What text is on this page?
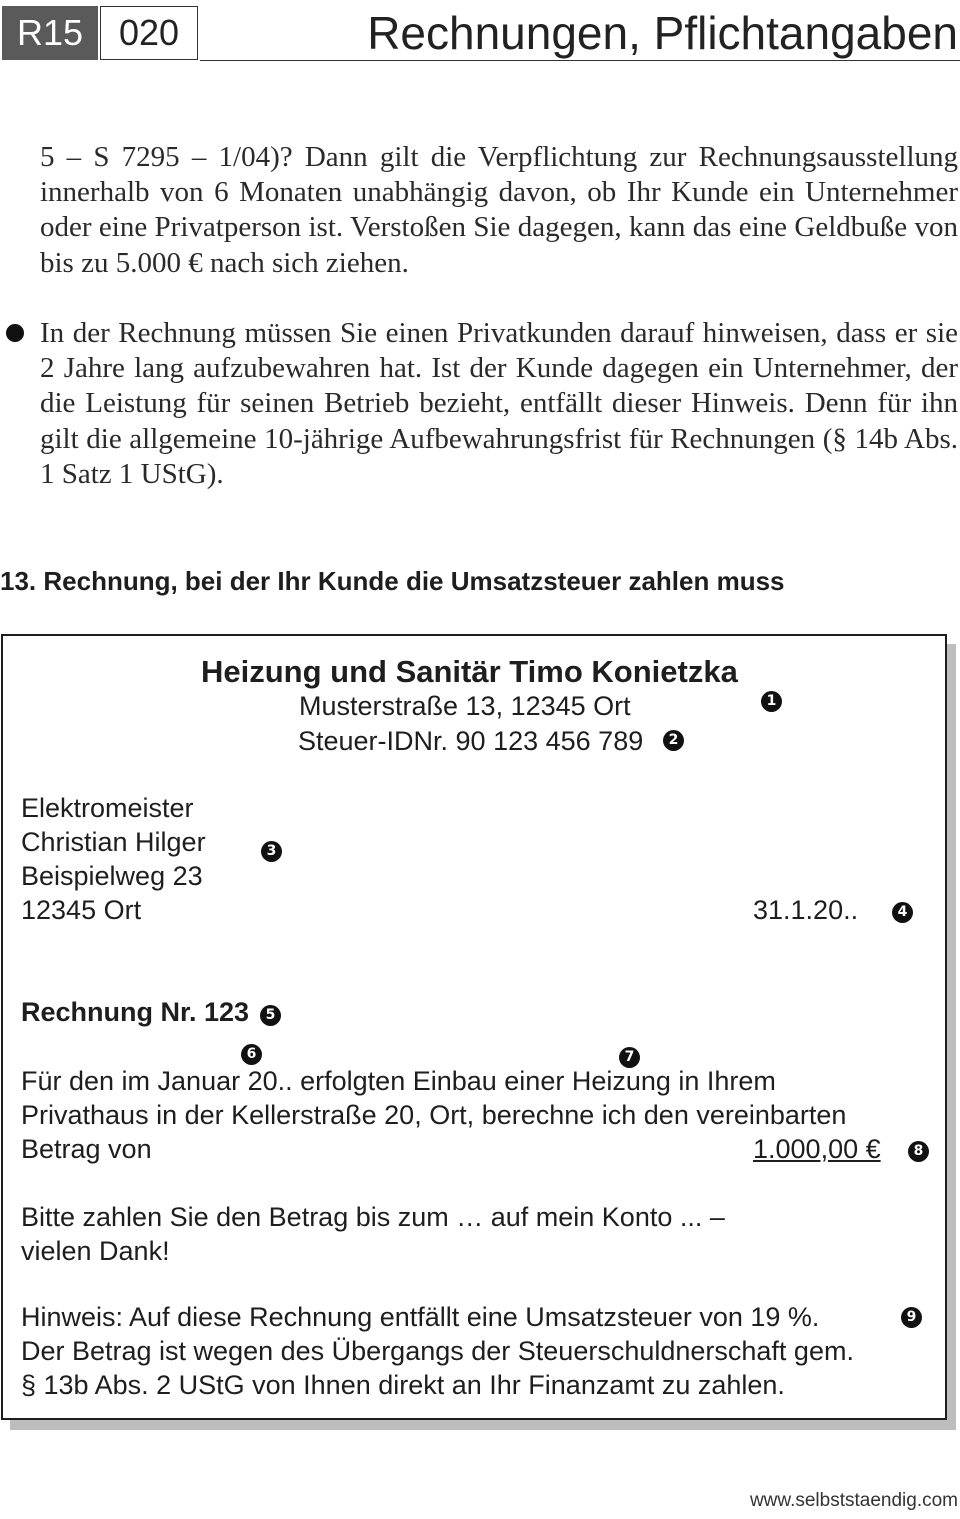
R15 020	Rechnungen, Pflichtangaben
5 – S 7295 – 1/04)? Dann gilt die Verpflichtung zur Rechnungsausstellung innerhalb von 6 Monaten unabhängig davon, ob Ihr Kunde ein Unternehmer oder eine Privatperson ist. Verstoßen Sie dagegen, kann das eine Geldbuße von bis zu 5.000 € nach sich ziehen.
In der Rechnung müssen Sie einen Privatkunden darauf hinweisen, dass er sie 2 Jahre lang aufzubewahren hat. Ist der Kunde dagegen ein Unternehmer, der die Leistung für seinen Betrieb bezieht, entfällt dieser Hinweis. Denn für ihn gilt die allgemeine 10-jährige Aufbewahrungsfrist für Rechnungen (§ 14b Abs. 1 Satz 1 UStG).
13. Rechnung, bei der Ihr Kunde die Umsatzsteuer zahlen muss
Heizung und Sanitär Timo Konietzka
Musterstraße 13, 12345 Ort	1
Steuer-IDNr. 90 123 456 789	2
Elektromeister
Christian Hilger	3
Beispielweg 23
12345 Ort	31.1.20..	4
Rechnung Nr. 123	5
6	7
Für den im Januar 20.. erfolgten Einbau einer Heizung in Ihrem
Privathaus in der Kellerstraße 20, Ort, berechne ich den vereinbarten
Betrag von	1.000,00 €	8
Bitte zahlen Sie den Betrag bis zum … auf mein Konto ... –
vielen Dank!
Hinweis: Auf diese Rechnung entfällt eine Umsatzsteuer von 19 %.	9
Der Betrag ist wegen des Übergangs der Steuerschuldnerschaft gem.
§ 13b Abs. 2 UStG von Ihnen direkt an Ihr Finanzamt zu zahlen.
www.selbststaendig.com
